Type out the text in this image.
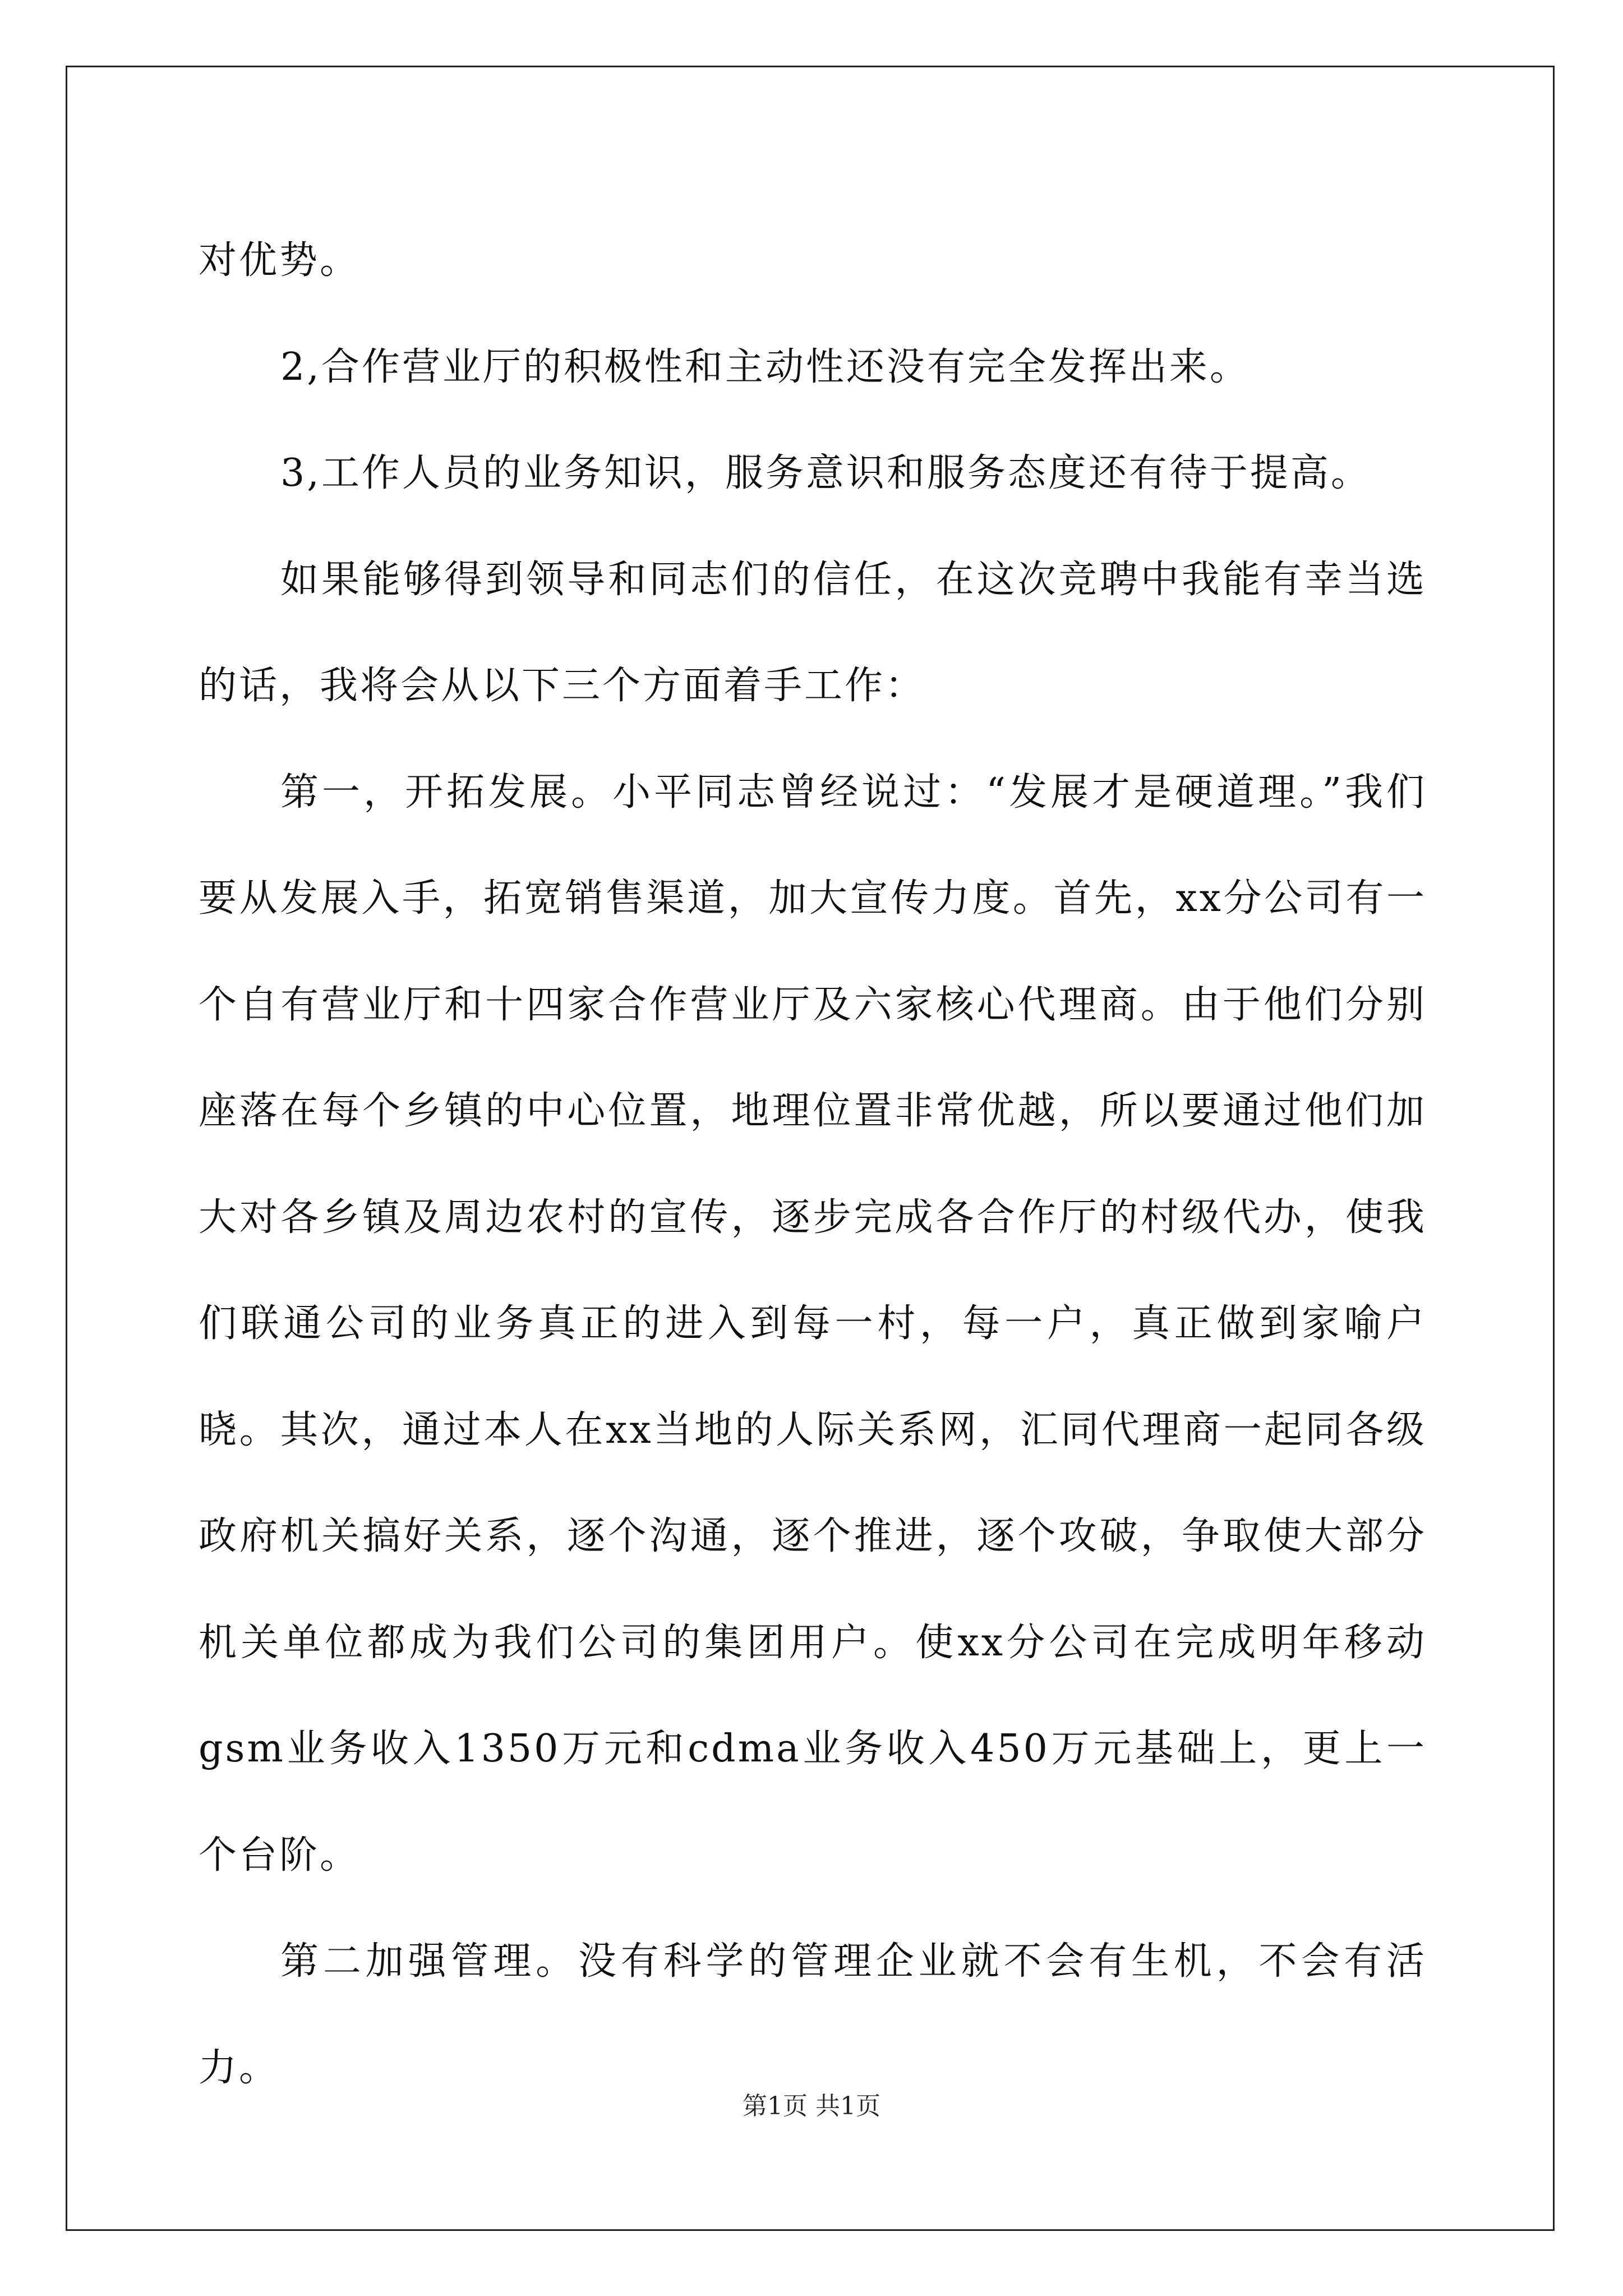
对优势。

2,合作营业厅的积极性和主动性还没有完全发挥出来。

3,工作人员的业务知识，服务意识和服务态度还有待于提高。

如果能够得到领导和同志们的信任，在这次竞聘中我能有幸当选的话，我将会从以下三个方面着手工作：

第一，开拓发展。小平同志曾经说过：“发展才是硬道理。”我们要从发展入手，拓宽销售渠道，加大宣传力度。首先，xx分公司有一个自有营业厅和十四家合作营业厅及六家核心代理商。由于他们分别座落在每个乡镇的中心位置，地理位置非常优越，所以要通过他们加大对各乡镇及周边农村的宣传，逐步完成各合作厅的村级代办，使我们联通公司的业务真正的进入到每一村，每一户，真正做到家喻户晓。其次，通过本人在xx当地的人际关系网，汇同代理商一起同各级政府机关搞好关系，逐个沟通，逐个推进，逐个攻破，争取使大部分机关单位都成为我们公司的集团用户。使xx分公司在完成明年移动gsm业务收入1350万元和cdma业务收入450万元基础上，更上一个台阶。

第二加强管理。没有科学的管理企业就不会有生机，不会有活力。

第1页 共1页
